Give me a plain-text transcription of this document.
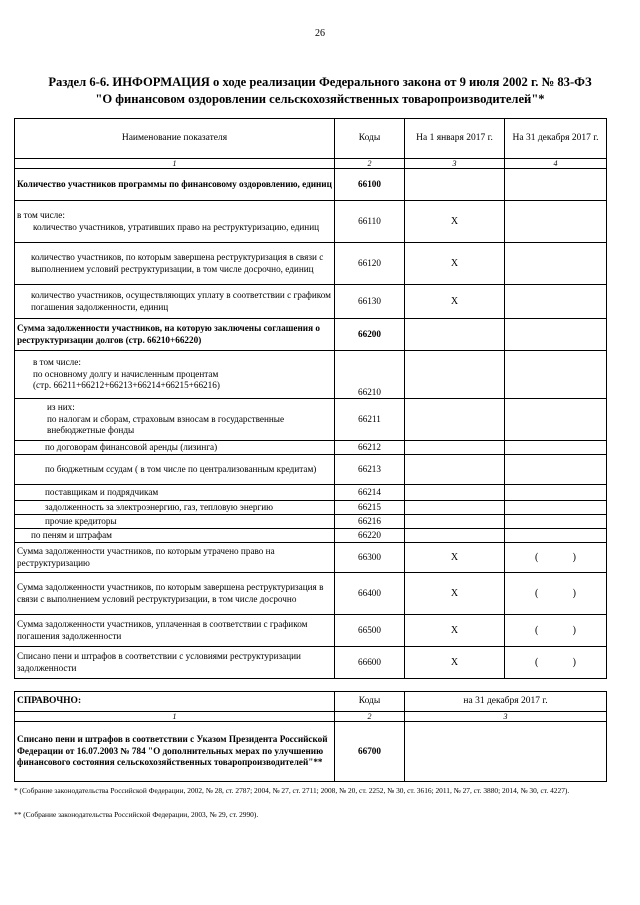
26
Раздел 6-6. ИНФОРМАЦИЯ о ходе реализации Федерального закона от 9 июля 2002 г. № 83-ФЗ
"О финансовом оздоровлении сельскохозяйственных товаропроизводителей"*
Наименование показателя	Коды	На 1 января 2017 г.	На 31 декабря 2017 г.
1	2	3	4
Количество участников программы по финансовому оздоровлению, единиц	66100		

в том числе:
количество участников, утративших право на реструктуризацию, единиц	66110	X	
количество участников, по которым завершена реструктуризация в связи с выполнением условий реструктуризации, в том числе досрочно, единиц	66120	X	
количество участников, осуществляющих уплату в соответствии с графиком погашения задолженности, единиц	66130	X	
Сумма задолженности участников, на которую заключены соглашения о реструктуризации долгов (стр. 66210+66220)	66200		

в том числе:
по основному долгу и начисленным процентам
(стр. 66211+66212+66213+66214+66215+66216)	66210		

из них:
по налогам и сборам, страховым взносам в государственные внебюджетные фонды	66211		
по договорам финансовой аренды (лизинга)	66212		
по бюджетным ссудам ( в том числе по централизованным кредитам)	66213		
поставщикам и подрядчикам	66214		
задолженность за электроэнергию, газ, тепловую энергию	66215		
прочие кредиторы	66216		
по пеням и штрафам	66220		
Сумма задолженности участников, по которым утрачено право на реструктуризацию	66300	X	( )

Сумма задолженности участников, по которым завершена реструктуризация в связи с выполнением условий реструктуризации, в том числе досрочно	66400	X	( )

Сумма задолженности участников, уплаченная в соответствии с графиком погашения задолженности	66500	X	( )

Списано пени и штрафов в соответствии с условиями реструктуризации задолженности	66600	X	( )
СПРАВОЧНО:	Коды	на 31 декабря 2017 г.
1	2	3
Списано пени и штрафов в соответствии с Указом Президента Российской Федерации от 16.07.2003 № 784 "О дополнительных мерах по улучшению финансового состояния сельскохозяйственных товаропроизводителей"**	66700	
* (Собрание законодательства Российской Федерации, 2002, № 28, ст. 2787; 2004, № 27, ст. 2711; 2008, № 20, ст. 2252, № 30, ст. 3616; 2011, № 27, ст. 3880; 2014, № 30, ст. 4227).
** (Собрание законодательства Российской Федерации, 2003, № 29, ст. 2990).
